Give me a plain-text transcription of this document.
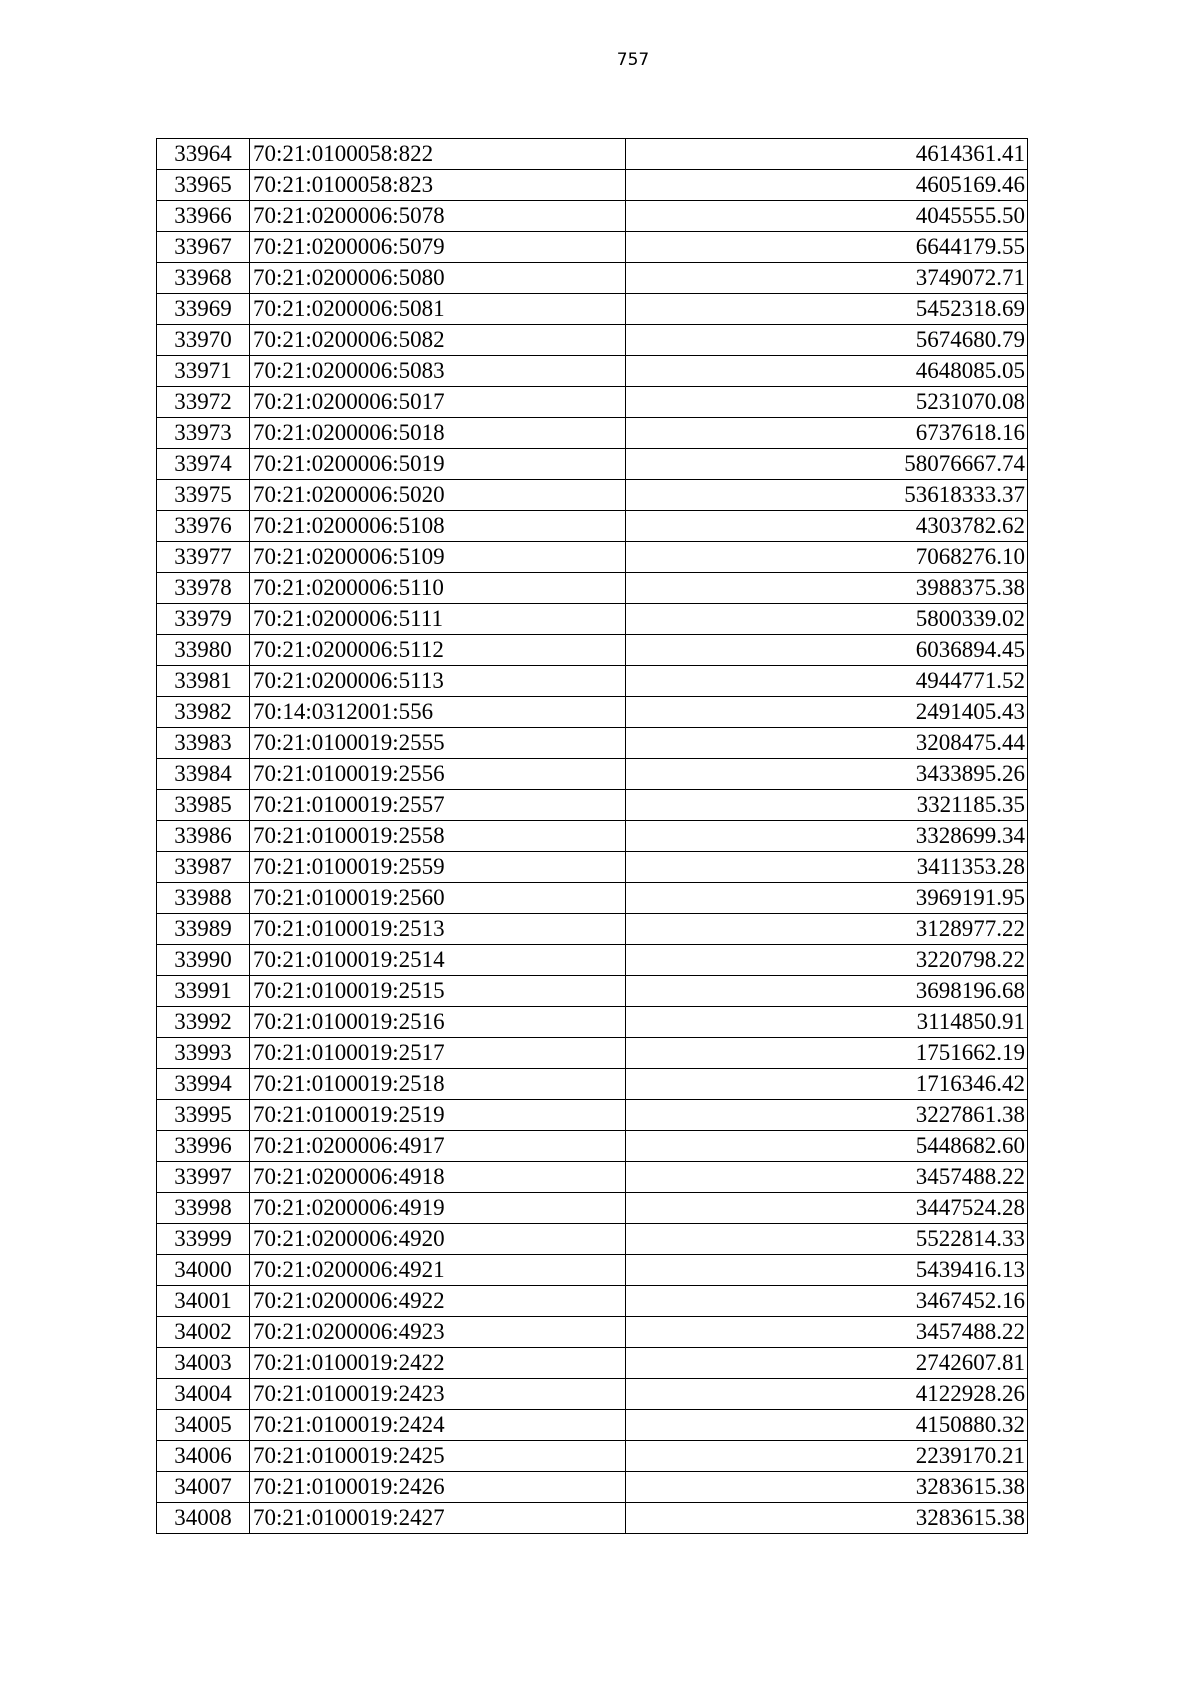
757
33964	70:21:0100058:822	4614361.41
33965	70:21:0100058:823	4605169.46
33966	70:21:0200006:5078	4045555.50
33967	70:21:0200006:5079	6644179.55
33968	70:21:0200006:5080	3749072.71
33969	70:21:0200006:5081	5452318.69
33970	70:21:0200006:5082	5674680.79
33971	70:21:0200006:5083	4648085.05
33972	70:21:0200006:5017	5231070.08
33973	70:21:0200006:5018	6737618.16
33974	70:21:0200006:5019	58076667.74
33975	70:21:0200006:5020	53618333.37
33976	70:21:0200006:5108	4303782.62
33977	70:21:0200006:5109	7068276.10
33978	70:21:0200006:5110	3988375.38
33979	70:21:0200006:5111	5800339.02
33980	70:21:0200006:5112	6036894.45
33981	70:21:0200006:5113	4944771.52
33982	70:14:0312001:556	2491405.43
33983	70:21:0100019:2555	3208475.44
33984	70:21:0100019:2556	3433895.26
33985	70:21:0100019:2557	3321185.35
33986	70:21:0100019:2558	3328699.34
33987	70:21:0100019:2559	3411353.28
33988	70:21:0100019:2560	3969191.95
33989	70:21:0100019:2513	3128977.22
33990	70:21:0100019:2514	3220798.22
33991	70:21:0100019:2515	3698196.68
33992	70:21:0100019:2516	3114850.91
33993	70:21:0100019:2517	1751662.19
33994	70:21:0100019:2518	1716346.42
33995	70:21:0100019:2519	3227861.38
33996	70:21:0200006:4917	5448682.60
33997	70:21:0200006:4918	3457488.22
33998	70:21:0200006:4919	3447524.28
33999	70:21:0200006:4920	5522814.33
34000	70:21:0200006:4921	5439416.13
34001	70:21:0200006:4922	3467452.16
34002	70:21:0200006:4923	3457488.22
34003	70:21:0100019:2422	2742607.81
34004	70:21:0100019:2423	4122928.26
34005	70:21:0100019:2424	4150880.32
34006	70:21:0100019:2425	2239170.21
34007	70:21:0100019:2426	3283615.38
34008	70:21:0100019:2427	3283615.38
